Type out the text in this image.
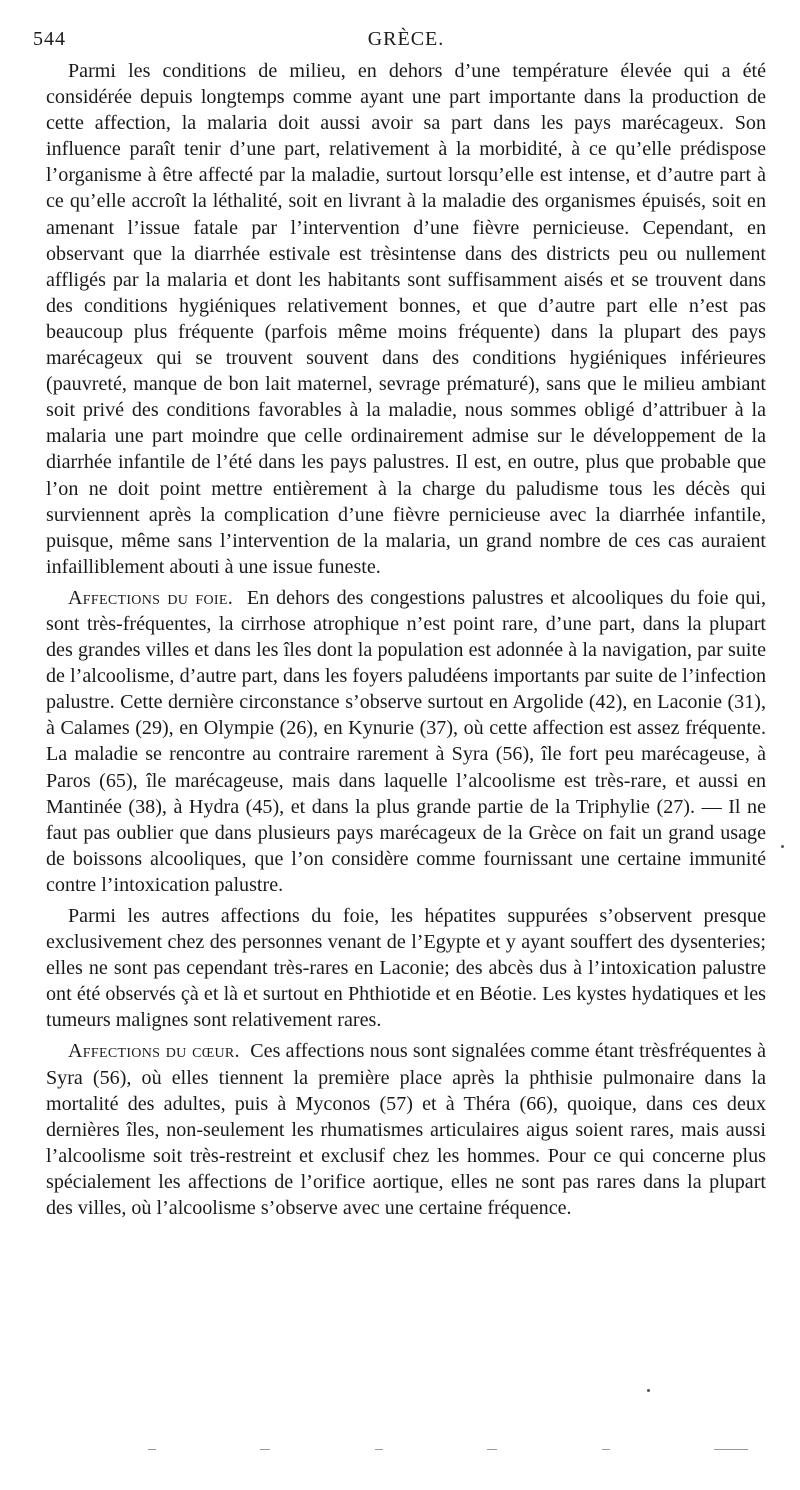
544	GRÈCE.

Parmi les conditions de milieu, en dehors d’une température élevée qui a été considérée depuis longtemps comme ayant une part importante dans la production de cette affection, la malaria doit aussi avoir sa part dans les pays marécageux. Son influence paraît tenir d’une part, relativement à la morbidité, à ce qu’elle prédispose l’organisme à être affecté par la maladie, surtout lorsqu’elle est intense, et d’autre part à ce qu’elle accroît la léthalité, soit en livrant à la maladie des organismes épuisés, soit en amenant l’issue fatale par l’intervention d’une fièvre pernicieuse. Cependant, en observant que la diarrhée estivale est trèsintense dans des districts peu ou nullement affligés par la malaria et dont les habitants sont suffisamment aisés et se trouvent dans des conditions hygiéniques relativement bonnes, et que d’autre part elle n’est pas beaucoup plus fréquente (parfois même moins fréquente) dans la plupart des pays marécageux qui se trouvent souvent dans des conditions hygiéniques inférieures (pauvreté, manque de bon lait maternel, sevrage prématuré), sans que le milieu ambiant soit privé des conditions favorables à la maladie, nous sommes obligé d’attribuer à la malaria une part moindre que celle ordinairement admise sur le développement de la diarrhée infantile de l’été dans les pays palustres. Il est, en outre, plus que probable que l’on ne doit point mettre entièrement à la charge du paludisme tous les décès qui surviennent après la complication d’une fièvre pernicieuse avec la diarrhée infantile, puisque, même sans l’intervention de la malaria, un grand nombre de ces cas auraient infailliblement abouti à une issue funeste.

Affections du foie. En dehors des congestions palustres et alcooliques du foie qui, sont très-fréquentes, la cirrhose atrophique n’est point rare, d’une part, dans la plupart des grandes villes et dans les îles dont la population est adonnée à la navigation, par suite de l’alcoolisme, d’autre part, dans les foyers paludéens importants par suite de l’infection palustre. Cette dernière circonstance s’observe surtout en Argolide (42), en Laconie (31), à Calames (29), en Olympie (26), en Kynurie (37), où cette affection est assez fréquente. La maladie se rencontre au contraire rarement à Syra (56), île fort peu marécageuse, à Paros (65), île marécageuse, mais dans laquelle l’alcoolisme est très-rare, et aussi en Mantinée (38), à Hydra (45), et dans la plus grande partie de la Triphylie (27). — Il ne faut pas oublier que dans plusieurs pays marécageux de la Grèce on fait un grand usage de boissons alcooliques, que l’on considère comme fournissant une certaine immunité contre l’intoxication palustre.

Parmi les autres affections du foie, les hépatites suppurées s’observent presque exclusivement chez des personnes venant de l’Egypte et y ayant souffert des dysenteries; elles ne sont pas cependant très-rares en Laconie; des abcès dus à l’intoxication palustre ont été observés çà et là et surtout en Phthiotide et en Béotie. Les kystes hydatiques et les tumeurs malignes sont relativement rares.

Affections du cœur. Ces affections nous sont signalées comme étant trèsfréquentes à Syra (56), où elles tiennent la première place après la phthisie pulmonaire dans la mortalité des adultes, puis à Myconos (57) et à Théra (66), quoique, dans ces deux dernières îles, non-seulement les rhumatismes articulaires aigus soient rares, mais aussi l’alcoolisme soit très-restreint et exclusif chez les hommes. Pour ce qui concerne plus spécialement les affections de l’orifice aortique, elles ne sont pas rares dans la plupart des villes, où l’alcoolisme s’observe avec une certaine fréquence.
